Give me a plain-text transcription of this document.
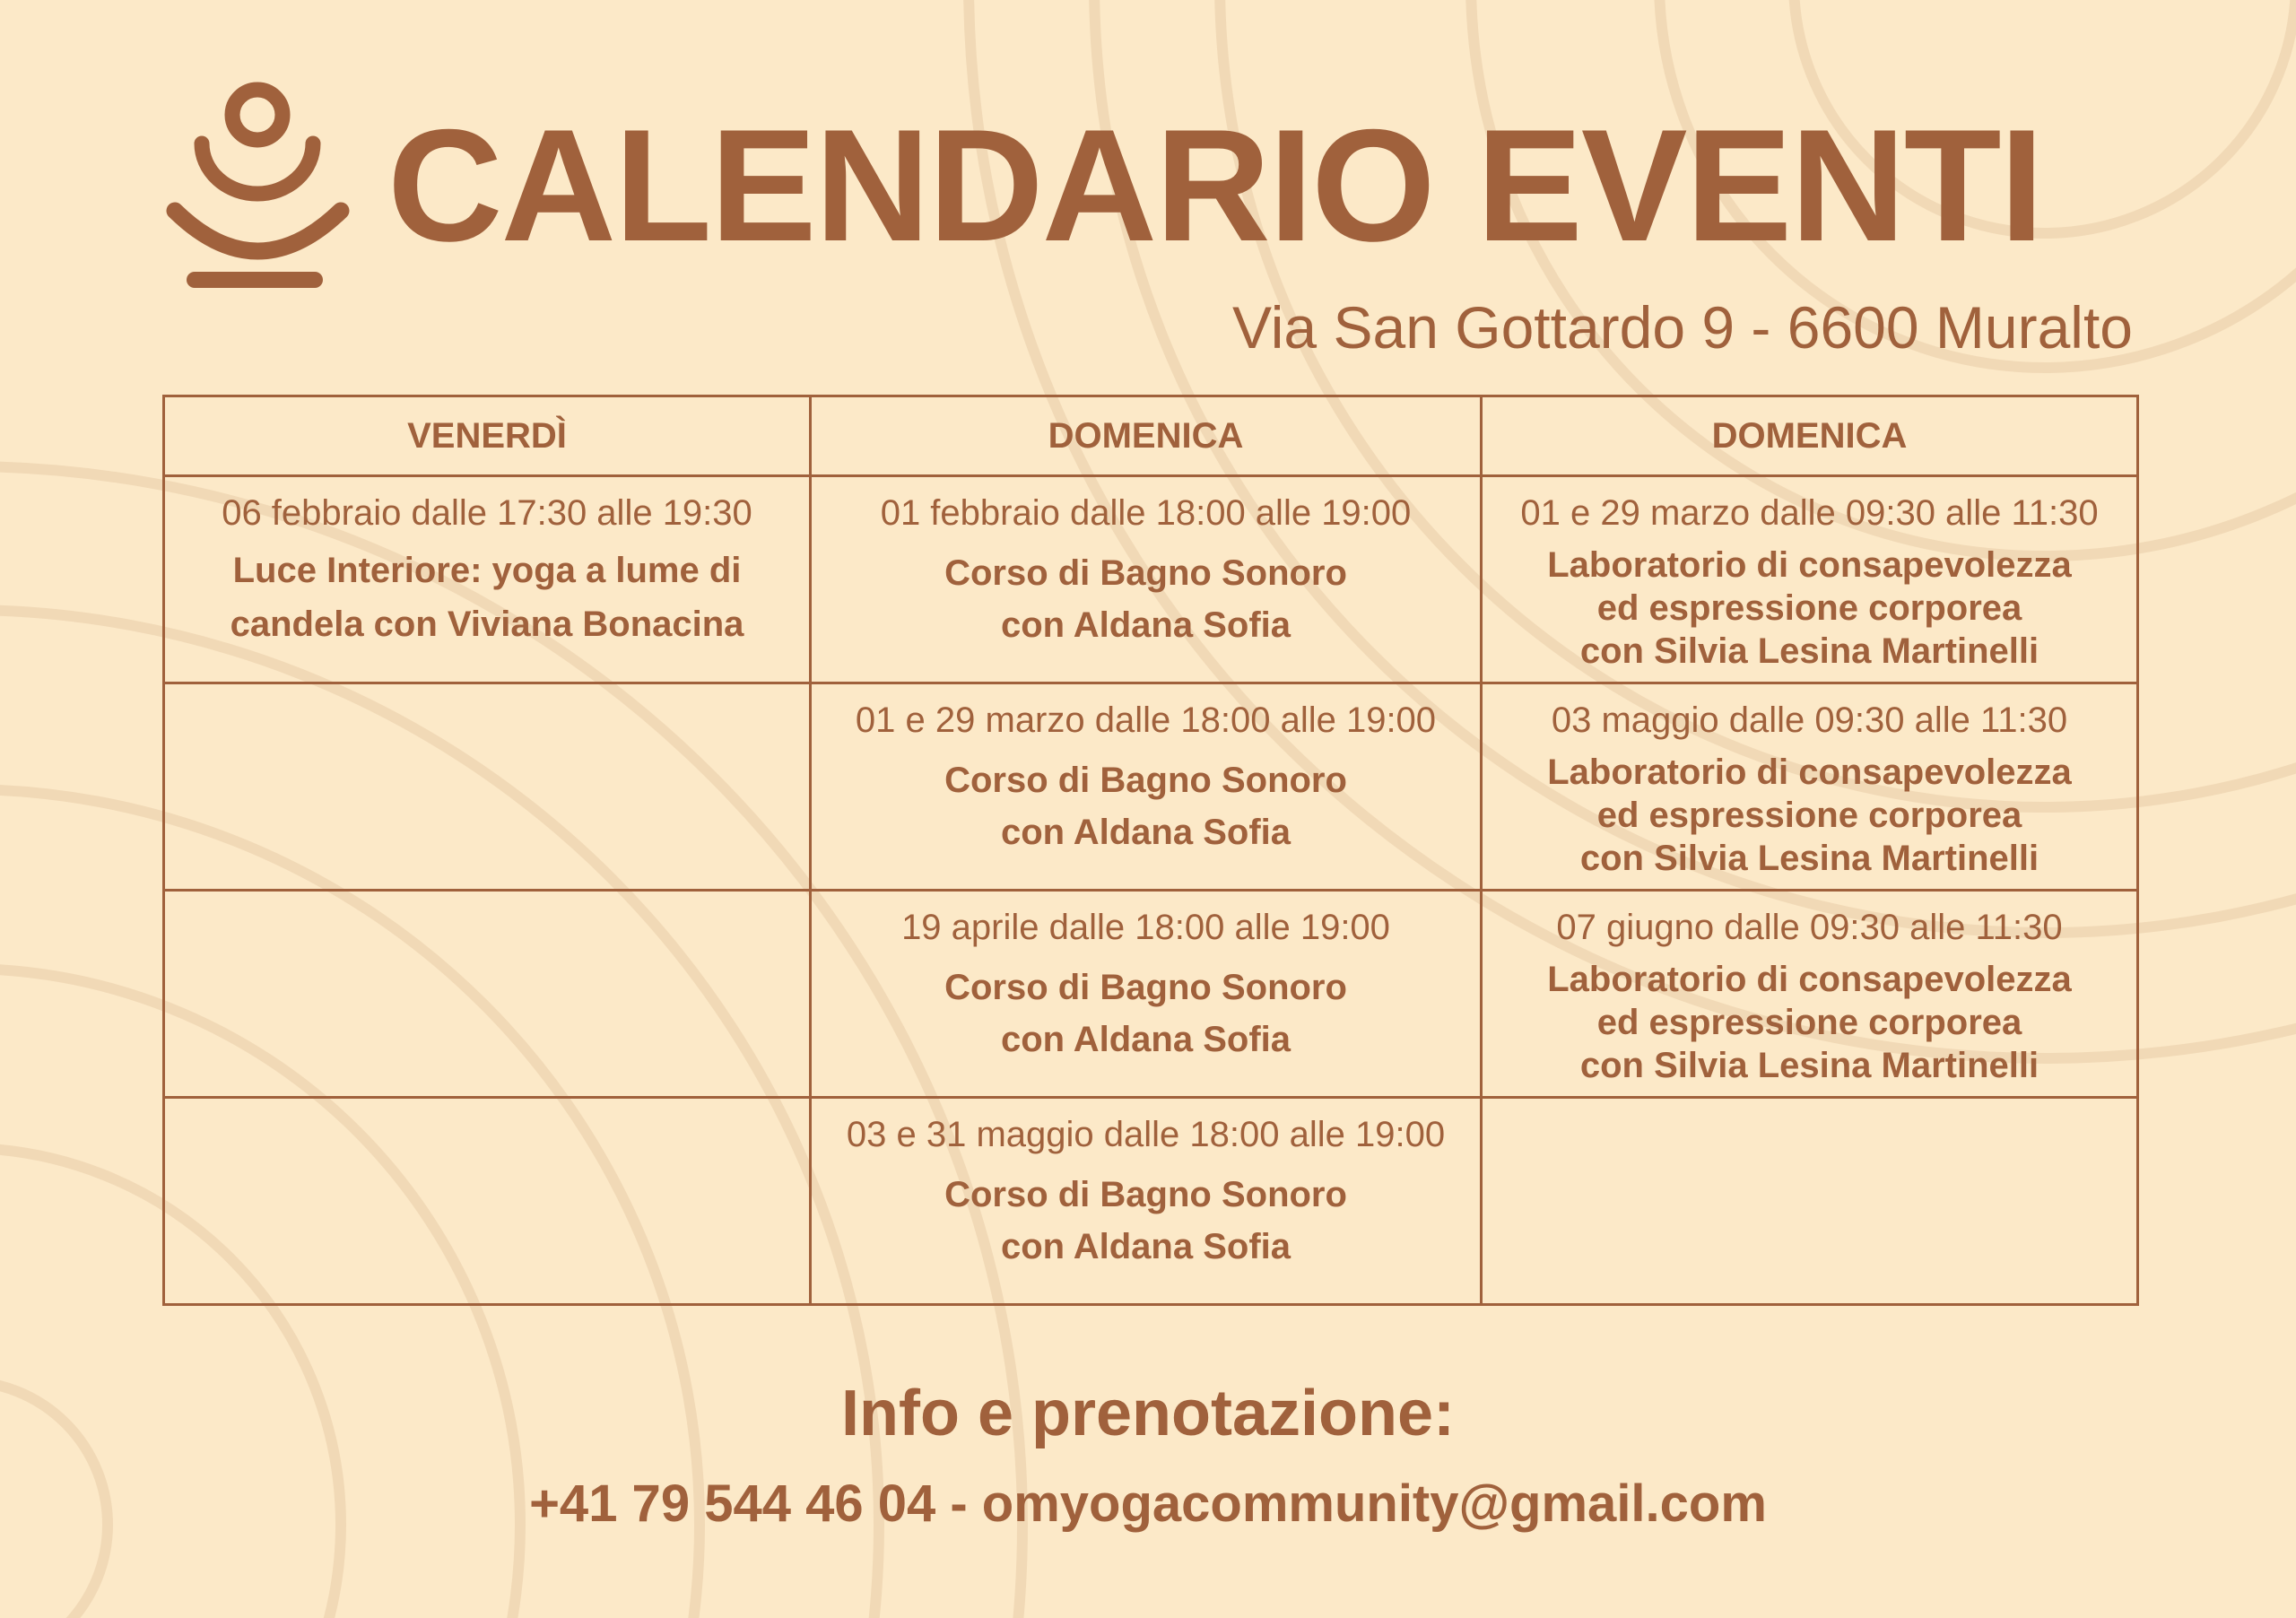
CALENDARIO EVENTI
Via San Gottardo 9 - 6600 Muralto
VENERDÌ	DOMENICA	DOMENICA

06 febbraio dalle 17:30 alle 19:30
Luce Interiore: yoga a lume di
candela con Viviana Bonacina	01 febbraio dalle 18:00 alle 19:00
Corso di Bagno Sonoro
con Aldana Sofia	01 e 29 marzo dalle 09:30 alle 11:30
Laboratorio di consapevolezza
ed espressione corporea
con Silvia Lesina Martinelli

	01 e 29 marzo dalle 18:00 alle 19:00
Corso di Bagno Sonoro
con Aldana Sofia	03 maggio dalle 09:30 alle 11:30
Laboratorio di consapevolezza
ed espressione corporea
con Silvia Lesina Martinelli

	19 aprile dalle 18:00 alle 19:00
Corso di Bagno Sonoro
con Aldana Sofia	07 giugno dalle 09:30 alle 11:30
Laboratorio di consapevolezza
ed espressione corporea
con Silvia Lesina Martinelli

	03 e 31 maggio dalle 18:00 alle 19:00
Corso di Bagno Sonoro
con Aldana Sofia	

Info e prenotazione:
+41 79 544 46 04 - omyogacommunity@gmail.com
